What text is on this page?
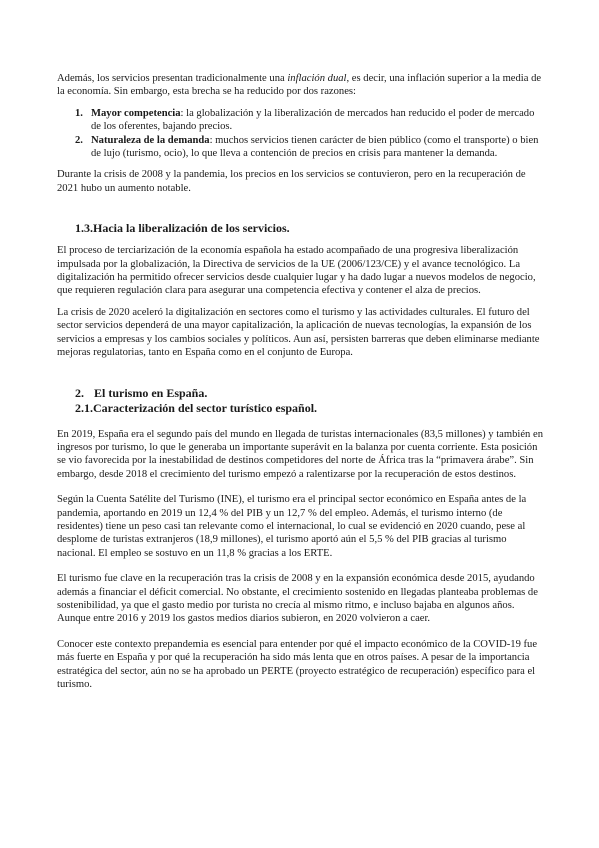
Además, los servicios presentan tradicionalmente una inflación dual, es decir, una inflación superior a la media de la economía. Sin embargo, esta brecha se ha reducido por dos razones:

1. Mayor competencia: la globalización y la liberalización de mercados han reducido el poder de mercado de los oferentes, bajando precios.
2. Naturaleza de la demanda: muchos servicios tienen carácter de bien público (como el transporte) o bien de lujo (turismo, ocio), lo que lleva a contención de precios en crisis para mantener la demanda.

Durante la crisis de 2008 y la pandemia, los precios en los servicios se contuvieron, pero en la recuperación de 2021 hubo un aumento notable.

1.3.Hacia la liberalización de los servicios.

El proceso de terciarización de la economía española ha estado acompañado de una progresiva liberalización impulsada por la globalización, la Directiva de servicios de la UE (2006/123/CE) y el avance tecnológico. La digitalización ha permitido ofrecer servicios desde cualquier lugar y ha dado lugar a nuevos modelos de negocio, que requieren regulación clara para asegurar una competencia efectiva y contener el alza de precios.

La crisis de 2020 aceleró la digitalización en sectores como el turismo y las actividades culturales. El futuro del sector servicios dependerá de una mayor capitalización, la aplicación de nuevas tecnologías, la expansión de los servicios a empresas y los cambios sociales y políticos. Aun así, persisten barreras que deben eliminarse mediante mejoras regulatorias, tanto en España como en el conjunto de Europa.

2. El turismo en España.
2.1.Caracterización del sector turístico español.

En 2019, España era el segundo país del mundo en llegada de turistas internacionales (83,5 millones) y también en ingresos por turismo, lo que le generaba un importante superávit en la balanza por cuenta corriente. Esta posición se vio favorecida por la inestabilidad de destinos competidores del norte de África tras la “primavera árabe”. Sin embargo, desde 2018 el crecimiento del turismo empezó a ralentizarse por la recuperación de estos destinos.

Según la Cuenta Satélite del Turismo (INE), el turismo era el principal sector económico en España antes de la pandemia, aportando en 2019 un 12,4 % del PIB y un 12,7 % del empleo. Además, el turismo interno (de residentes) tiene un peso casi tan relevante como el internacional, lo cual se evidenció en 2020 cuando, pese al desplome de turistas extranjeros (18,9 millones), el turismo aportó aún el 5,5 % del PIB gracias al turismo nacional. El empleo se sostuvo en un 11,8 % gracias a los ERTE.

El turismo fue clave en la recuperación tras la crisis de 2008 y en la expansión económica desde 2015, ayudando además a financiar el déficit comercial. No obstante, el crecimiento sostenido en llegadas planteaba problemas de sostenibilidad, ya que el gasto medio por turista no crecía al mismo ritmo, e incluso bajaba en algunos años. Aunque entre 2016 y 2019 los gastos medios diarios subieron, en 2020 volvieron a caer.

Conocer este contexto prepandemia es esencial para entender por qué el impacto económico de la COVID-19 fue más fuerte en España y por qué la recuperación ha sido más lenta que en otros países. A pesar de la importancia estratégica del sector, aún no se ha aprobado un PERTE (proyecto estratégico de recuperación) específico para el turismo.
